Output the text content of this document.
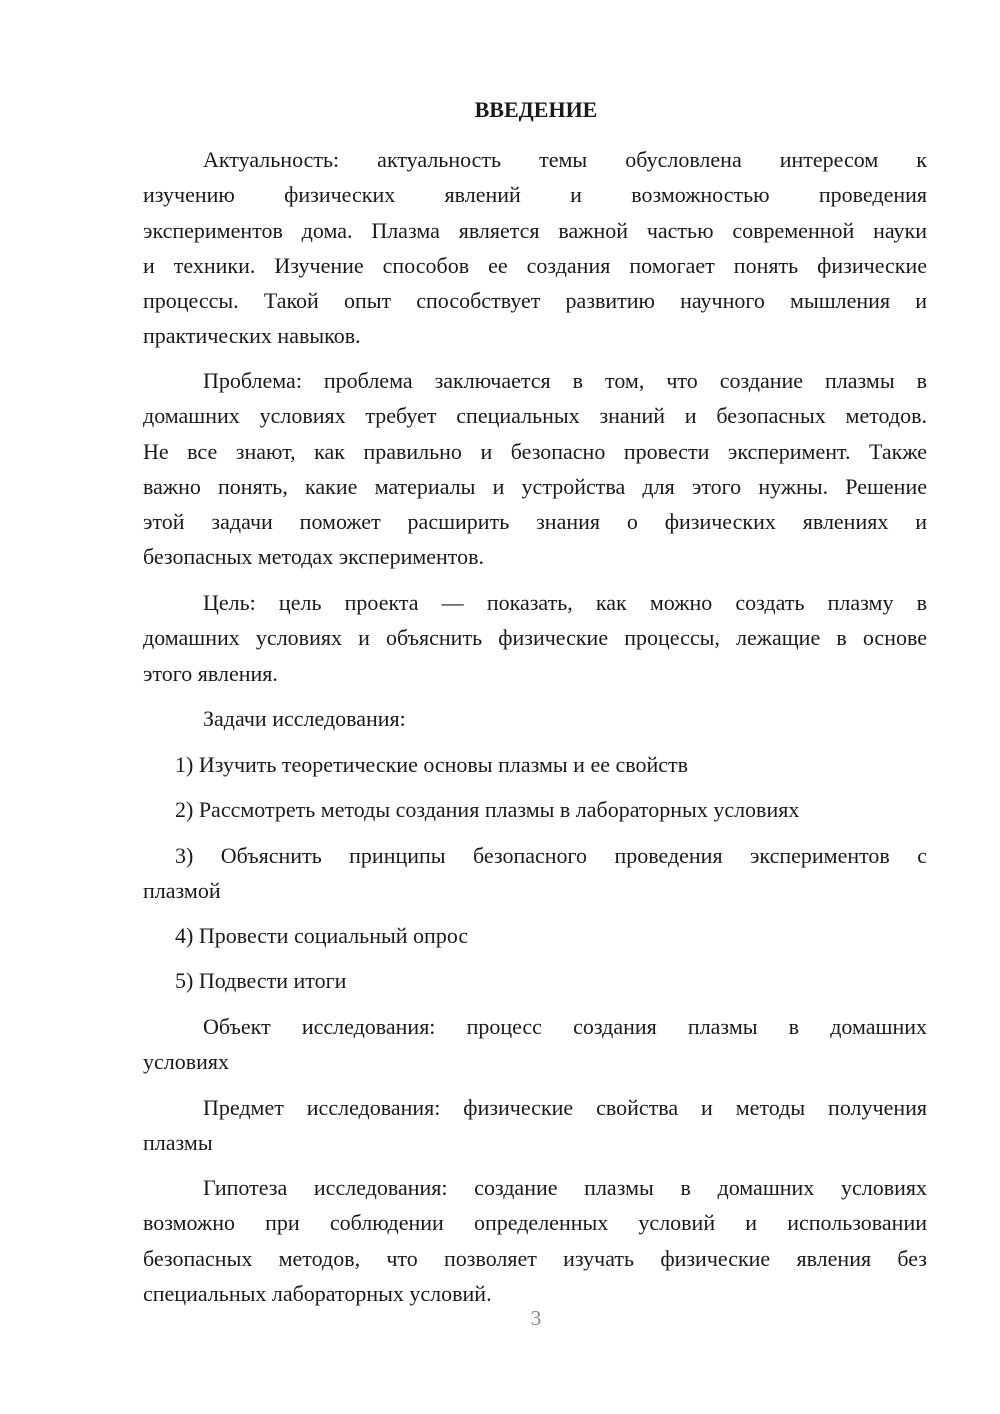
ВВЕДЕНИЕ
Актуальность: актуальность темы обусловлена интересом к
изучению физических явлений и возможностью проведения
экспериментов дома. Плазма является важной частью современной науки
и техники. Изучение способов ее создания помогает понять физические
процессы. Такой опыт способствует развитию научного мышления и
практических навыков.
Проблема: проблема заключается в том, что создание плазмы в
домашних условиях требует специальных знаний и безопасных методов.
Не все знают, как правильно и безопасно провести эксперимент. Также
важно понять, какие материалы и устройства для этого нужны. Решение
этой задачи поможет расширить знания о физических явлениях и
безопасных методах экспериментов.
Цель: цель проекта — показать, как можно создать плазму в
домашних условиях и объяснить физические процессы, лежащие в основе
этого явления.
Задачи исследования:
1) Изучить теоретические основы плазмы и ее свойств
2) Рассмотреть методы создания плазмы в лабораторных условиях
3) Объяснить принципы безопасного проведения экспериментов с
плазмой
4) Провести социальный опрос
5) Подвести итоги
Объект исследования: процесс создания плазмы в домашних
условиях
Предмет исследования: физические свойства и методы получения
плазмы
Гипотеза исследования: создание плазмы в домашних условиях
возможно при соблюдении определенных условий и использовании
безопасных методов, что позволяет изучать физические явления без
специальных лабораторных условий.
3
